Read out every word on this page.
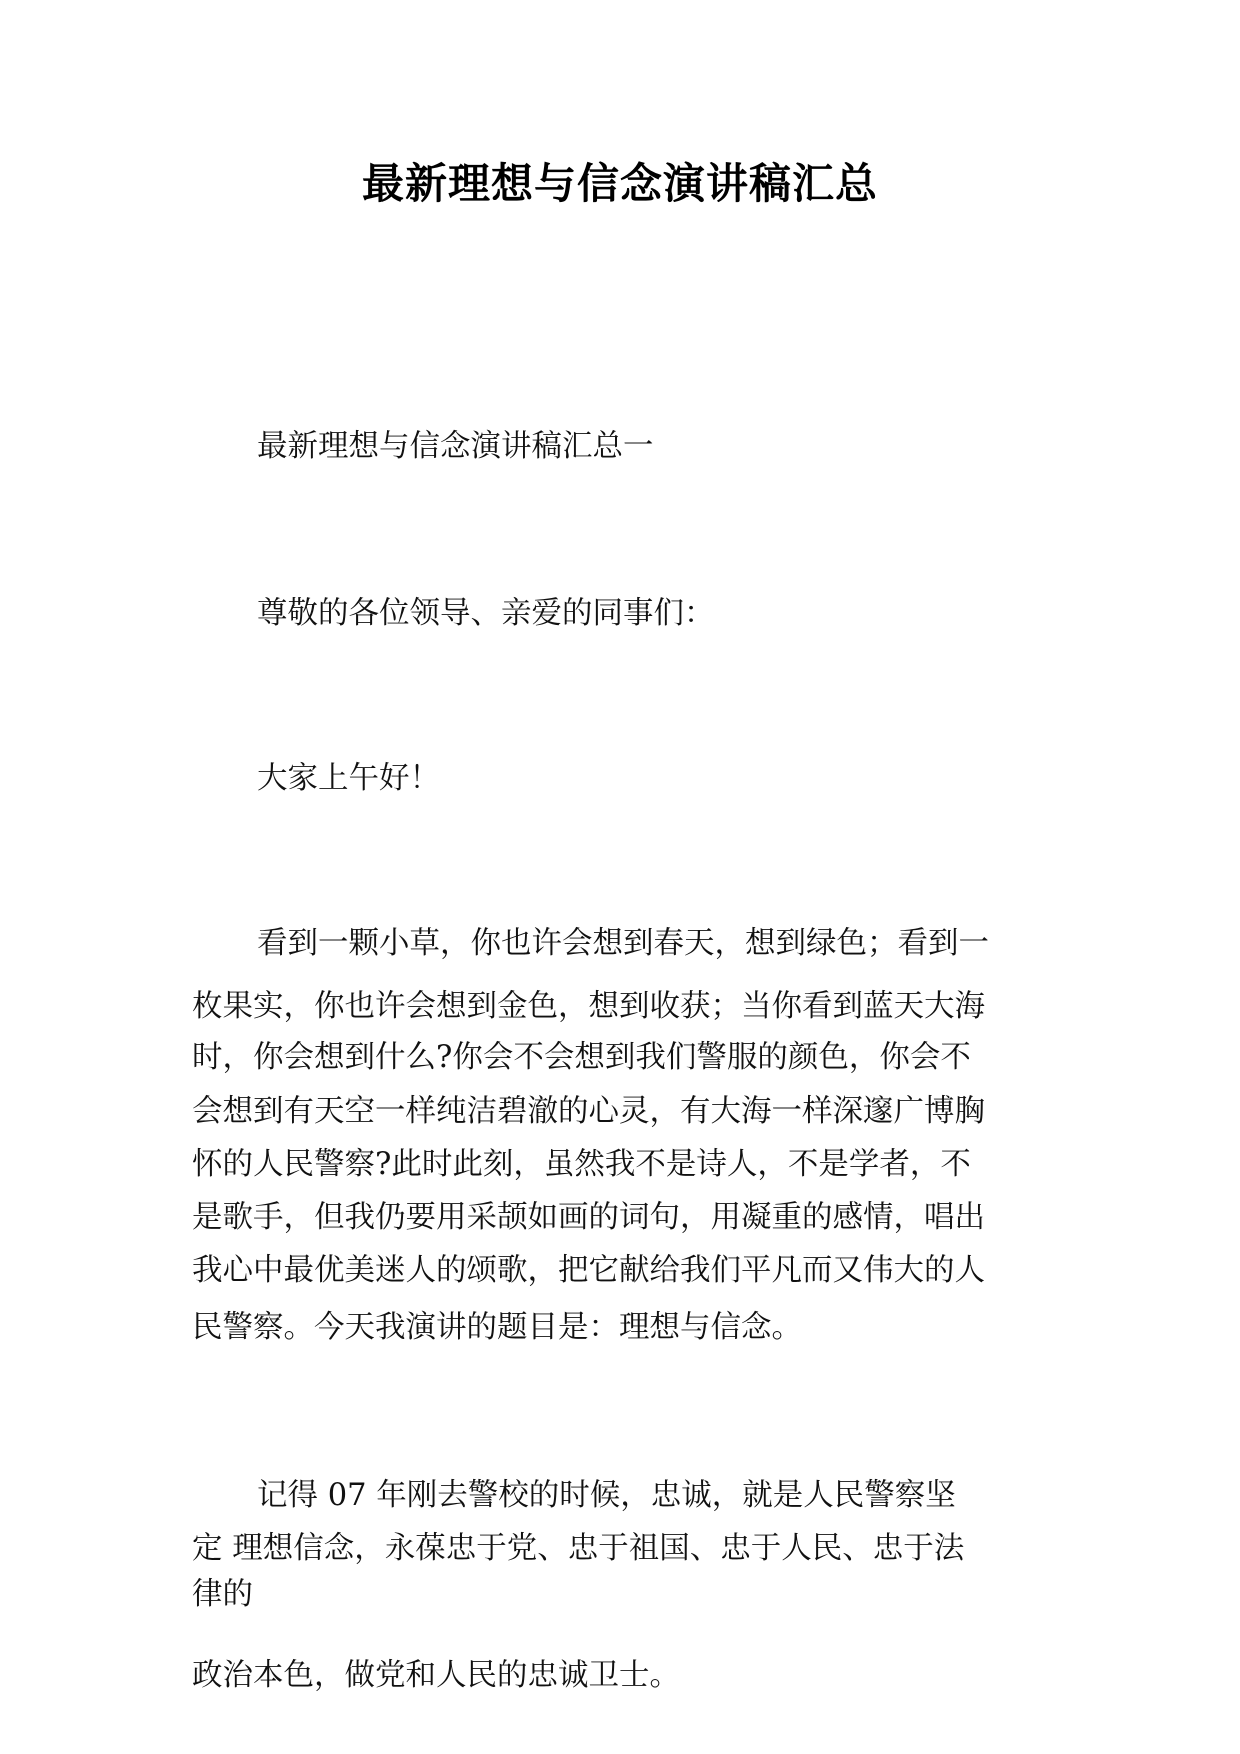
最新理想与信念演讲稿汇总

最新理想与信念演讲稿汇总一

尊敬的各位领导、亲爱的同事们：

大家上午好！

看到一颗小草，你也许会想到春天，想到绿色；看到一
枚果实，你也许会想到金色，想到收获；当你看到蓝天大海
时，你会想到什么?你会不会想到我们警服的颜色，你会不
会想到有天空一样纯洁碧澈的心灵，有大海一样深邃广博胸
怀的人民警察?此时此刻，虽然我不是诗人，不是学者，不
是歌手，但我仍要用采颉如画的词句，用凝重的感情，唱出
我心中最优美迷人的颂歌，把它献给我们平凡而又伟大的人
民警察。今天我演讲的题目是：理想与信念。
记得 07 年刚去警校的时候，忠诚，就是人民警察坚
定 理想信念，永葆忠于党、忠于祖国、忠于人民、忠于法
律的
政治本色，做党和人民的忠诚卫士。
